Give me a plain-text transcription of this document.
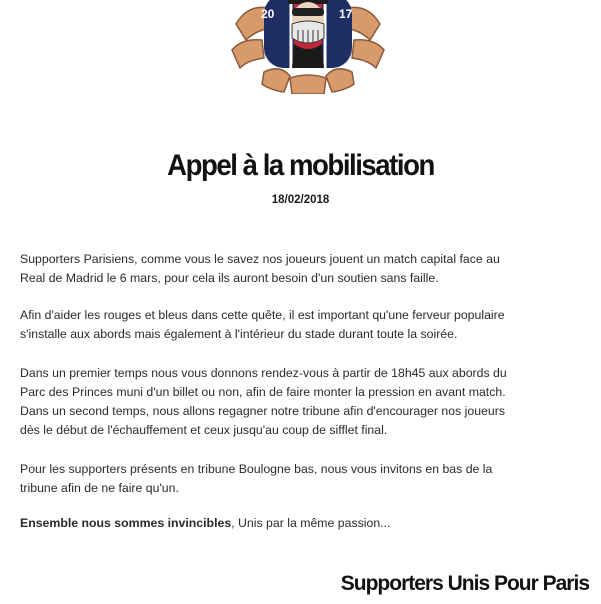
20	17
Appel à la mobilisation
18/02/2018

Supporters Parisiens, comme vous le savez nos joueurs jouent un match capital face au
Real de Madrid le 6 mars, pour cela ils auront besoin d'un soutien sans faille.

Afin d'aider les rouges et bleus dans cette quête, il est important qu'une ferveur populaire
s'installe aux abords mais également à l'intérieur du stade durant toute la soirée.

Dans un premier temps nous vous donnons rendez-vous à partir de 18h45 aux abords du
Parc des Princes muni d'un billet ou non, afin de faire monter la pression en avant match.
Dans un second temps, nous allons regagner notre tribune afin d'encourager nos joueurs
dès le début de l'échauffement et ceux jusqu'au coup de sifflet final.

Pour les supporters présents en tribune Boulogne bas, nous vous invitons en bas de la
tribune afin de ne faire qu'un.

Ensemble nous sommes invincibles, Unis par la même passion...

Supporters Unis Pour Paris
